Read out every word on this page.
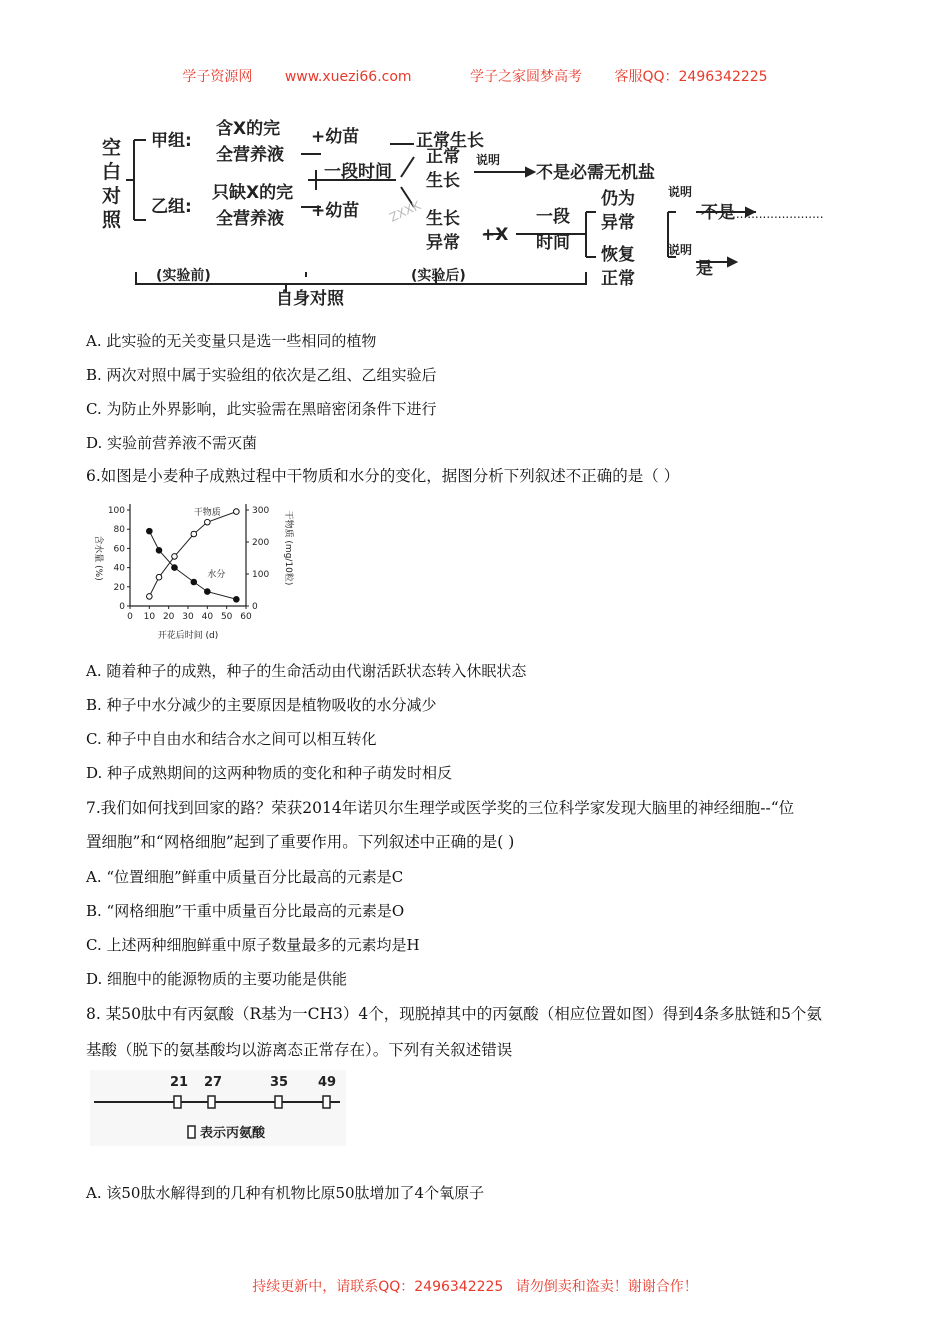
学子资源网 www.xuezi66.com	学子之家圆梦高考 客服QQ：2496342225
空
白
对
照
甲组:
含X的完
全营养液
+幼苗	正常生长
乙组:
只缺X的完
全营养液 +幼苗
一段时间
正常
生长
生长
异常 +X
不是必需无机盐
一段
时间
仍为
异常
恢复
正常
不是
是
自身对照
说明
说明
说明
(实验前)	(实验后)
........................
ZXXK
A. 此实验的无关变量只是选一些相同的植物
B. 两次对照中属于实验组的依次是乙组、乙组实验后
C. 为防止外界影响，此实验需在黑暗密闭条件下进行
D. 实验前营养液不需灭菌
6.如图是小麦种子成熟过程中干物质和水分的变化，据图分析下列叙述不正确的是（ ）
0 10 20 30 40 50 60
0
20
40
60
80
100
0
100
200
300
开花后时间 (d)
含水量 (%)	干物质 (mg/10粒)
干物质
水分
A. 随着种子的成熟，种子的生命活动由代谢活跃状态转入休眠状态
B. 种子中水分减少的主要原因是植物吸收的水分减少
C. 种子中自由水和结合水之间可以相互转化
D. 种子成熟期间的这两种物质的变化和种子萌发时相反
7.我们如何找到回家的路？荣获2014年诺贝尔生理学或医学奖的三位科学家发现大脑里的神经细胞--“位
置细胞”和“网格细胞”起到了重要作用。下列叙述中正确的是( )
A. “位置细胞”鲜重中质量百分比最高的元素是C
B. “网格细胞”干重中质量百分比最高的元素是O
C. 上述两种细胞鲜重中原子数量最多的元素均是H
D. 细胞中的能源物质的主要功能是供能
8. 某50肽中有丙氨酸（R基为一CH3）4个，现脱掉其中的丙氨酸（相应位置如图）得到4条多肽链和5个氨
基酸（脱下的氨基酸均以游离态正常存在）。下列有关叙述错误
21 27	35 49
表示丙氨酸
A. 该50肽水解得到的几种有机物比原50肽增加了4个氧原子
持续更新中，请联系QQ：2496342225 请勿倒卖和盗卖！谢谢合作！
